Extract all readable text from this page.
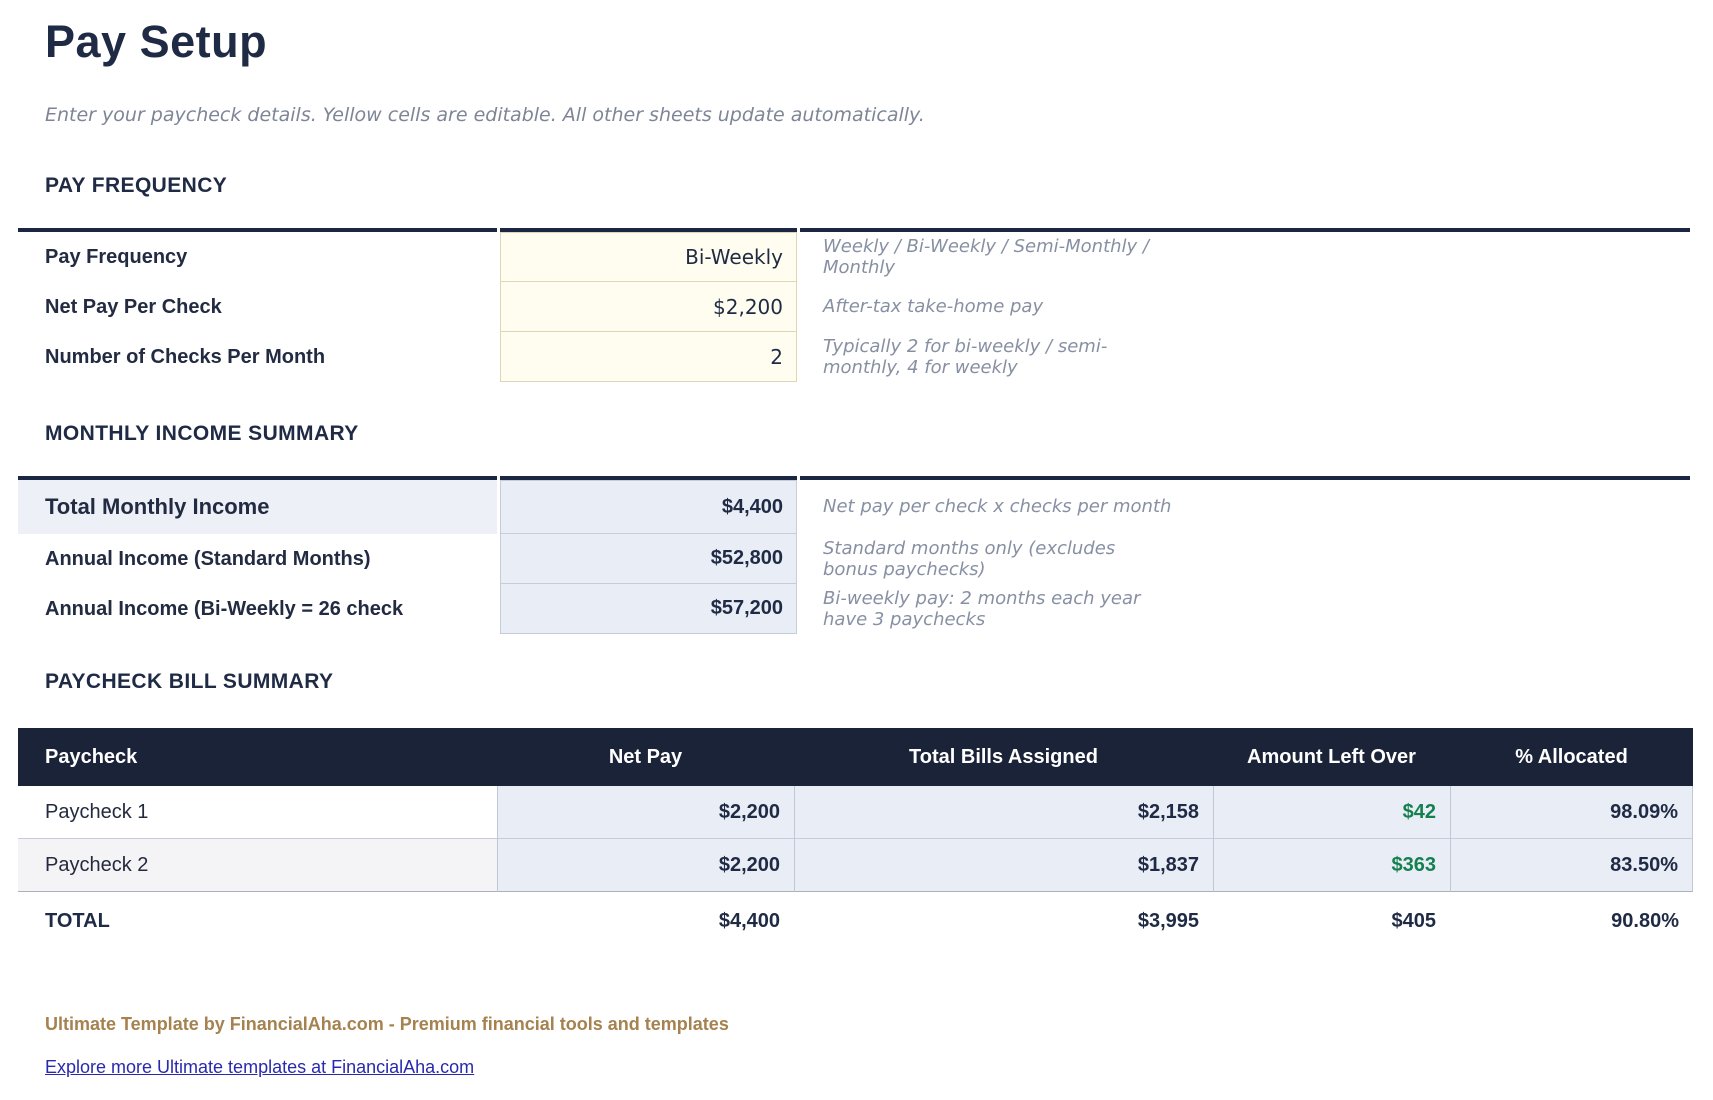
Pay Setup

Enter your paycheck details. Yellow cells are editable. All other sheets update automatically.

PAY FREQUENCY
Pay Frequency	Bi-Weekly	Weekly / Bi-Weekly / Semi-Monthly / Monthly
Net Pay Per Check	$2,200	After-tax take-home pay
Number of Checks Per Month	2	Typically 2 for bi-weekly / semi-monthly, 4 for weekly
MONTHLY INCOME SUMMARY
Total Monthly Income	$4,400	Net pay per check x checks per month
Annual Income (Standard Months)	$52,800	Standard months only (excludes bonus paychecks)
Annual Income (Bi-Weekly = 26 check	$57,200	Bi-weekly pay: 2 months each year have 3 paychecks
PAYCHECK BILL SUMMARY
Paycheck	Net Pay	Total Bills Assigned	Amount Left Over	% Allocated
Paycheck 1	$2,200	$2,158	$42	98.09%
Paycheck 2	$2,200	$1,837	$363	83.50%
TOTAL	$4,400	$3,995	$405	90.80%
Ultimate Template by FinancialAha.com - Premium financial tools and templates
Explore more Ultimate templates at FinancialAha.com
